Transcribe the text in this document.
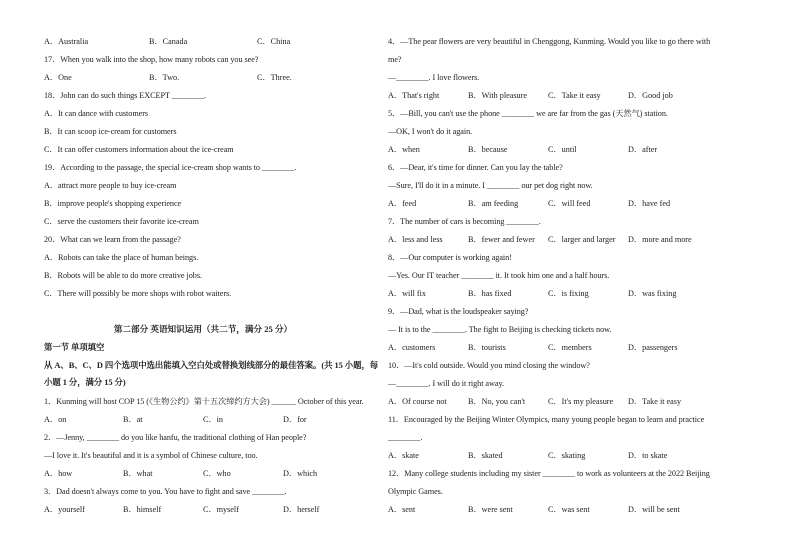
A．Australia	B．Canada	C．China
17．When you walk into the shop, how many robots can you see?
A．One	B．Two.	C．Three.
18．John can do such things EXCEPT ________.
A．It can dance with customers
B．It can scoop ice-cream for customers
C．It can offer customers information about the ice-cream
19．According to the passage, the special ice-cream shop wants to ________.
A．attract more people to buy ice-cream
B．improve people's shopping experience
C．serve the customers their favorite ice-cream
20．What can we learn from the passage?
A．Robots can take the place of human beings.
B．Robots will be able to do more creative jobs.
C．There will possibly be more shops with robot waiters.
第二部分 英语知识运用（共二节，满分 25 分）
第一节 单项填空
从 A、B、C、D 四个选项中选出能填入空白处或替换划线部分的最佳答案。(共 15 小题，每
小题 1 分，满分 15 分)
1．Kunming will host COP 15 (《生物公约》第十五次缔约方大会) ______ October of this year.
A．on	B．at	C．in	D．for
2．—Jenny, ________ do you like hanfu, the traditional clothing of Han people?
—I love it. It's beautiful and it is a symbol of Chinese culture, too.
A．how	B．what	C．who	D．which
3．Dad doesn't always come to you. You have to fight and save ________.
A．yourself	B．himself	C．myself	D．herself
4．—The pear flowers are very beautiful in Chenggong, Kunming. Would you like to go there with
me?
—________. I love flowers.
A．That's right	B．With pleasure	C．Take it easy	D．Good job
5．—Bill, you can't use the phone ________ we are far from the gas (天然气) station.
—OK, I won't do it again.
A．when	B．because	C．until	D．after
6．—Dear, it's time for dinner. Can you lay the table?
—Sure, I'll do it in a minute. I ________ our pet dog right now.
A．feed	B．am feeding	C．will feed	D．have fed
7．The number of cars is becoming ________.
A．less and less	B．fewer and fewer C．larger and larger D．more and more
8．—Our computer is working again!
—Yes. Our IT teacher ________ it. It took him one and a half hours.
A．will fix	B．has fixed	C．is fixing	D．was fixing
9．—Dad, what is the loudspeaker saying?
— It is to the ________. The fight to Beijing is checking tickets now.
A．customers	B．tourists	C．members	D．passengers
10．—It's cold outside. Would you mind closing the window?
—________. I will do it right away.
A．Of course not	B．No, you can't	C．It's my pleasure D．Take it easy
11．Encouraged by the Beijing Winter Olympics, many young people began to learn and practice
________.
A．skate	B．skated	C．skating	D．to skate
12．Many college students including my sister ________ to work as volunteers at the 2022 Beijing
Olympic Games.
A．sent	B．were sent	C．was sent	D．will be sent
